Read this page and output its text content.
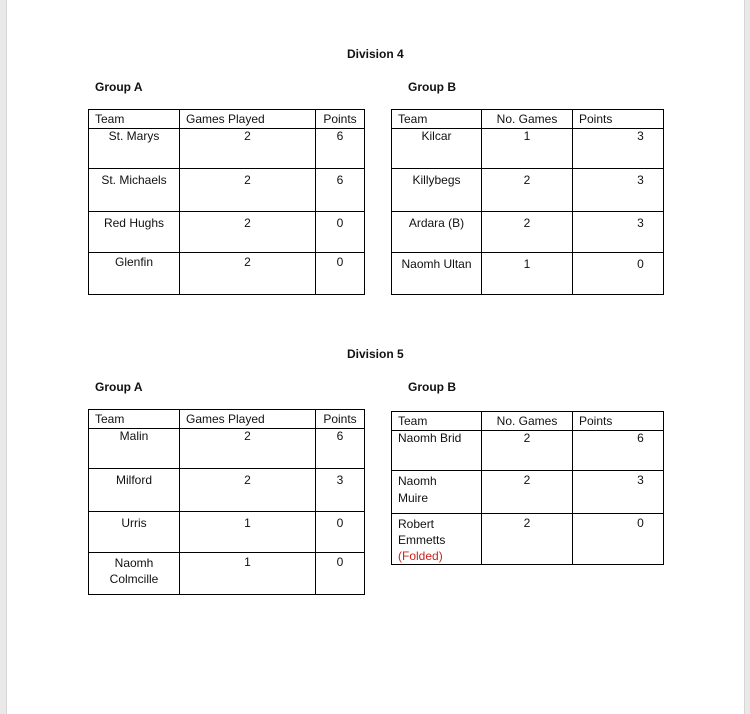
Division 4
Group A	Group B
Team	Games Played	Points
St. Marys	2	6
St. Michaels	2	6
Red Hughs	2	0
Glenfin	2	0
Team	No. Games	Points
Kilcar	1	3
Killybegs	2	3
Ardara (B)	2	3
Naomh Ultan	1	0
Division 5
Group A	Group B
Team	Games Played	Points
Malin	2	6
Milford	2	3
Urris	1	0

Naomh
Colmcille	1	0
Team	No. Games	Points
Naomh Brid	2	6

Naomh
Muire	2	3

Robert
Emmetts
(Folded)	2	0
